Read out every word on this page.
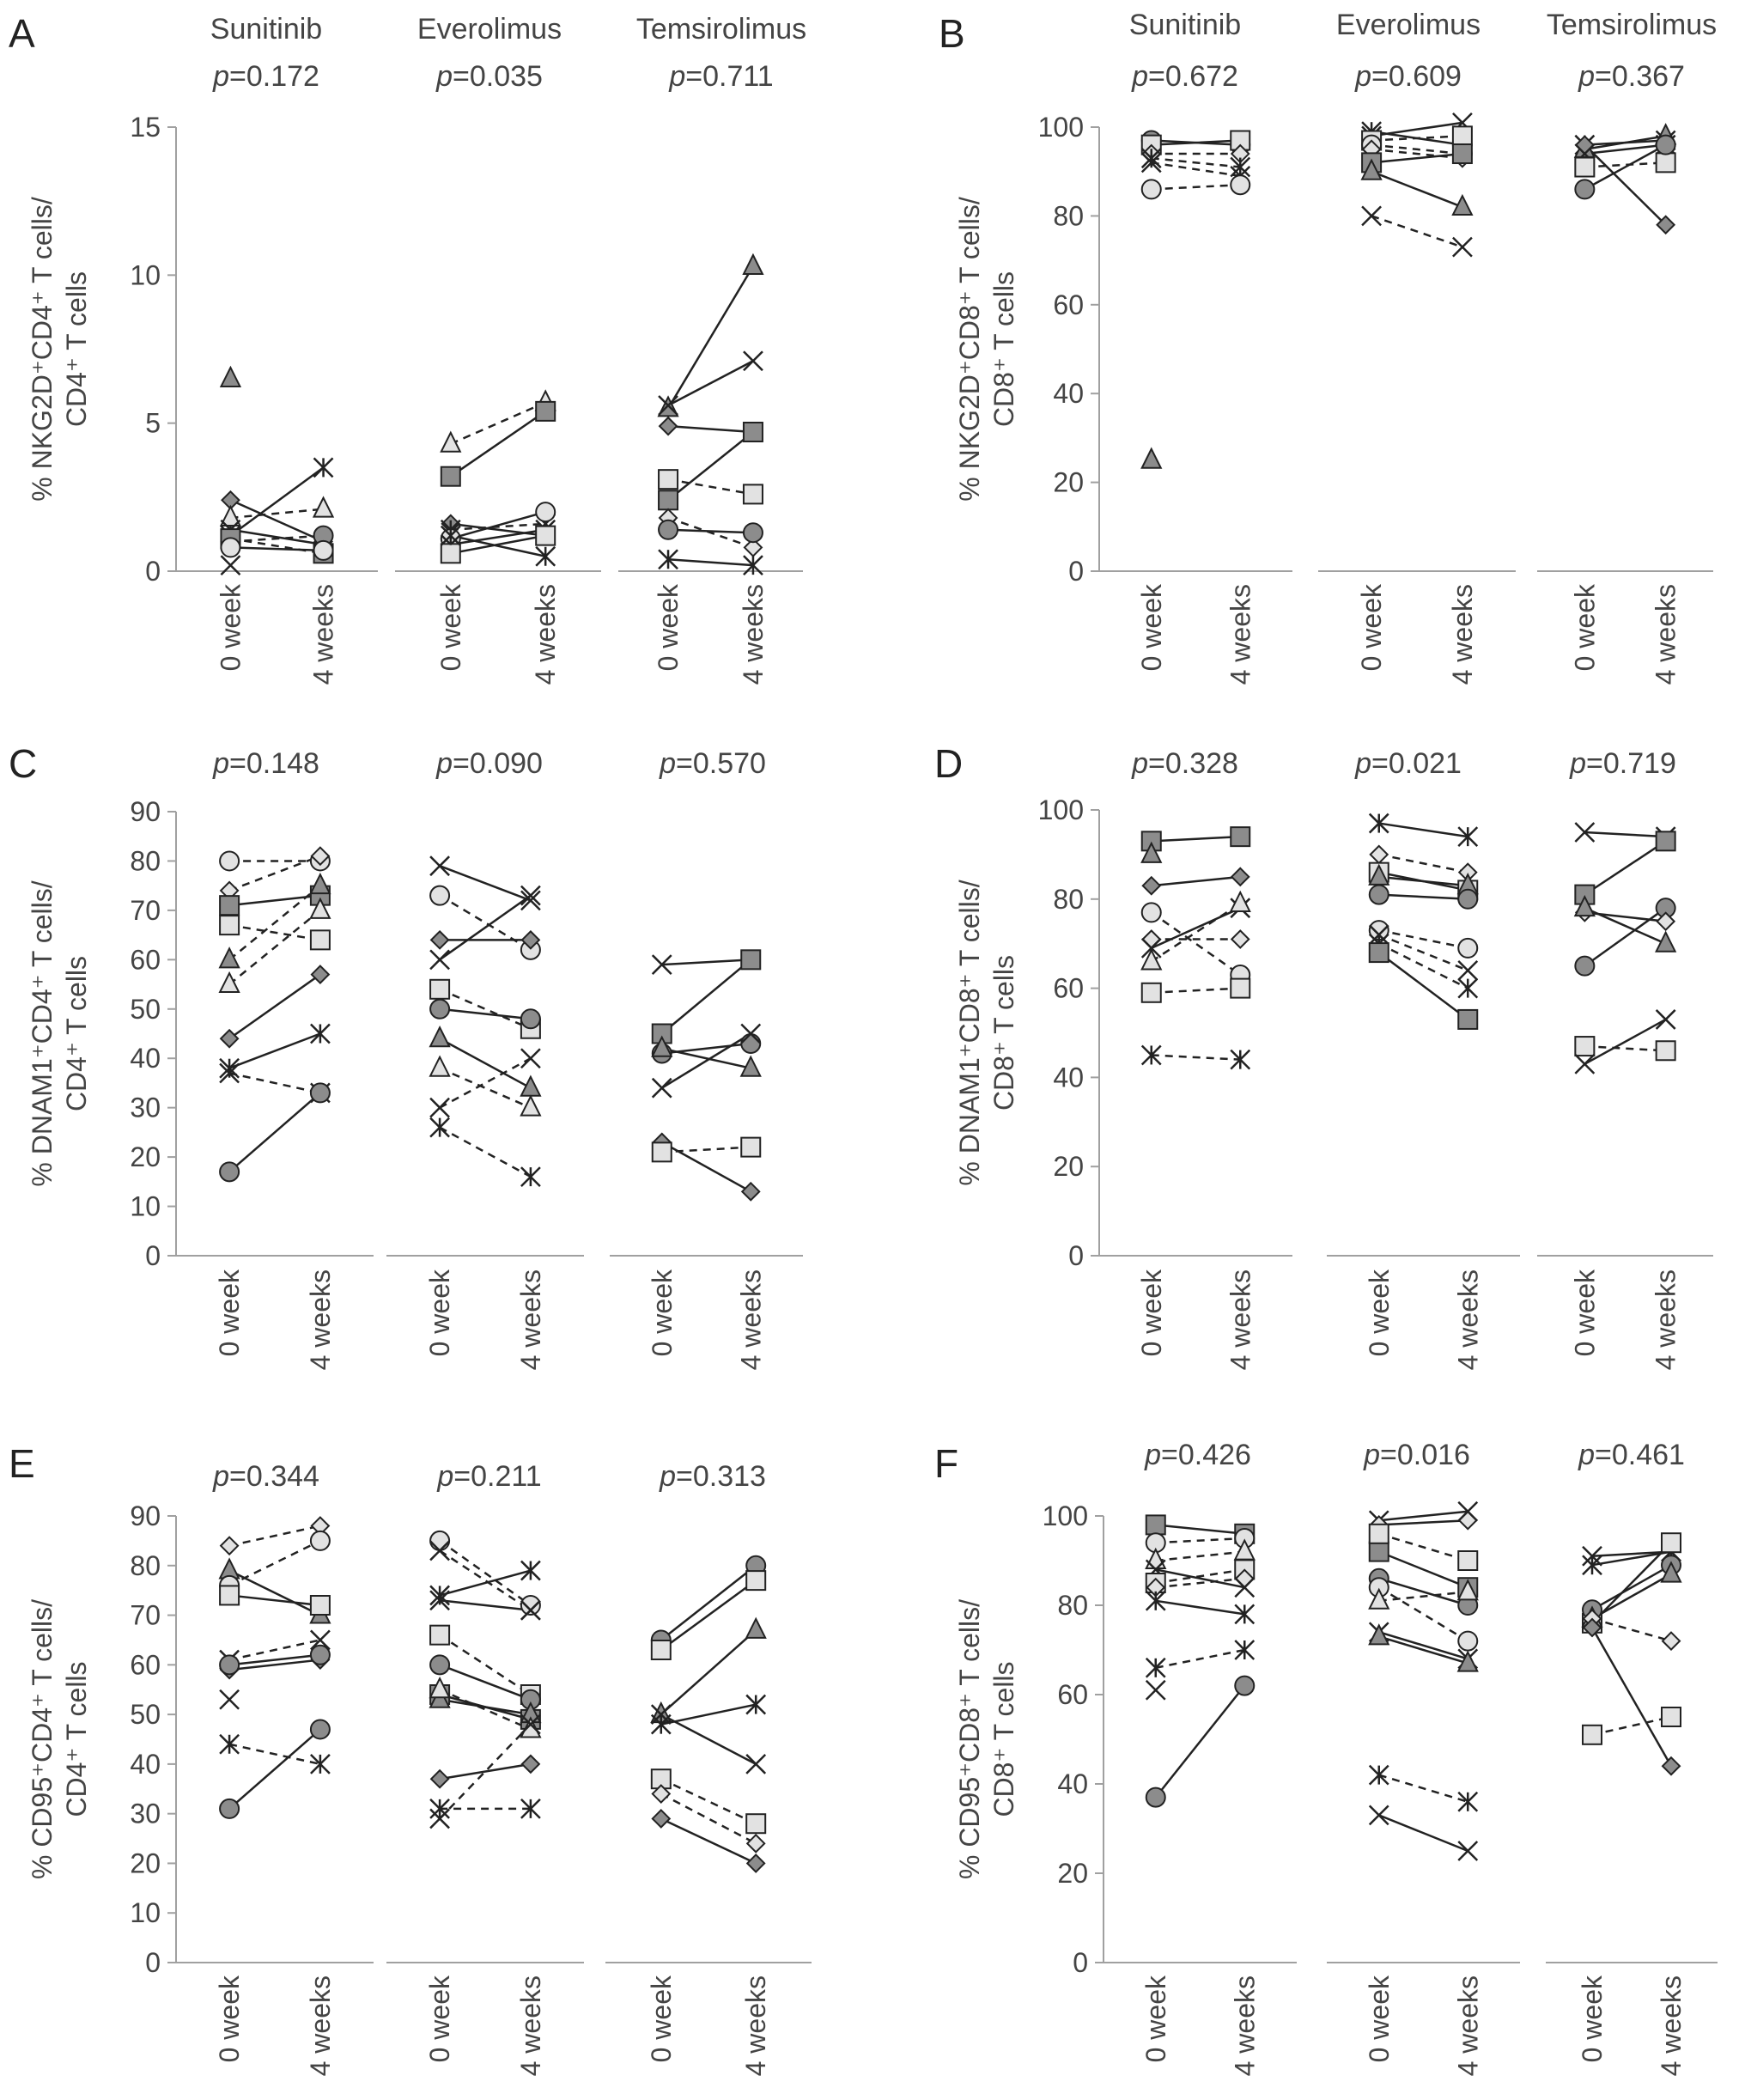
A
0
5
10
15
% NKG2D⁺CD4⁺ T cells/ CD4⁺ T cells
Sunitinib
p=0.172
0 week 4 weeks
Everolimus
p=0.035
0 week 4 weeks
Temsirolimus
p=0.711
0 week 4 weeks
B
0
20
40
60
80
100
% NKG2D⁺CD8⁺ T cells/ CD8⁺ T cells
Sunitinib
p=0.672
0 week 4 weeks
Everolimus
p=0.609
0 week 4 weeks
Temsirolimus
p=0.367
0 week 4 weeks
C
0
10
20
30
40
50
60
70
80
90
% DNAM1⁺CD4⁺ T cells/ CD4⁺ T cells
p=0.148
0 week 4 weeks
p=0.090
0 week 4 weeks
p=0.570
0 week 4 weeks
D
0
20
40
60
80
100
% DNAM1⁺CD8⁺ T cells/ CD8⁺ T cells
p=0.328
0 week 4 weeks
p=0.021
0 week 4 weeks
p=0.719
0 week 4 weeks
E
0
10
20
30
40
50
60
70
80
90
% CD95⁺CD4⁺ T cells/ CD4⁺ T cells
p=0.344
0 week 4 weeks
p=0.211
0 week 4 weeks
p=0.313
0 week 4 weeks
F
0
20
40
60
80
100
% CD95⁺CD8⁺ T cells/ CD8⁺ T cells
p=0.426
0 week 4 weeks
p=0.016
0 week 4 weeks
p=0.461
0 week 4 weeks
